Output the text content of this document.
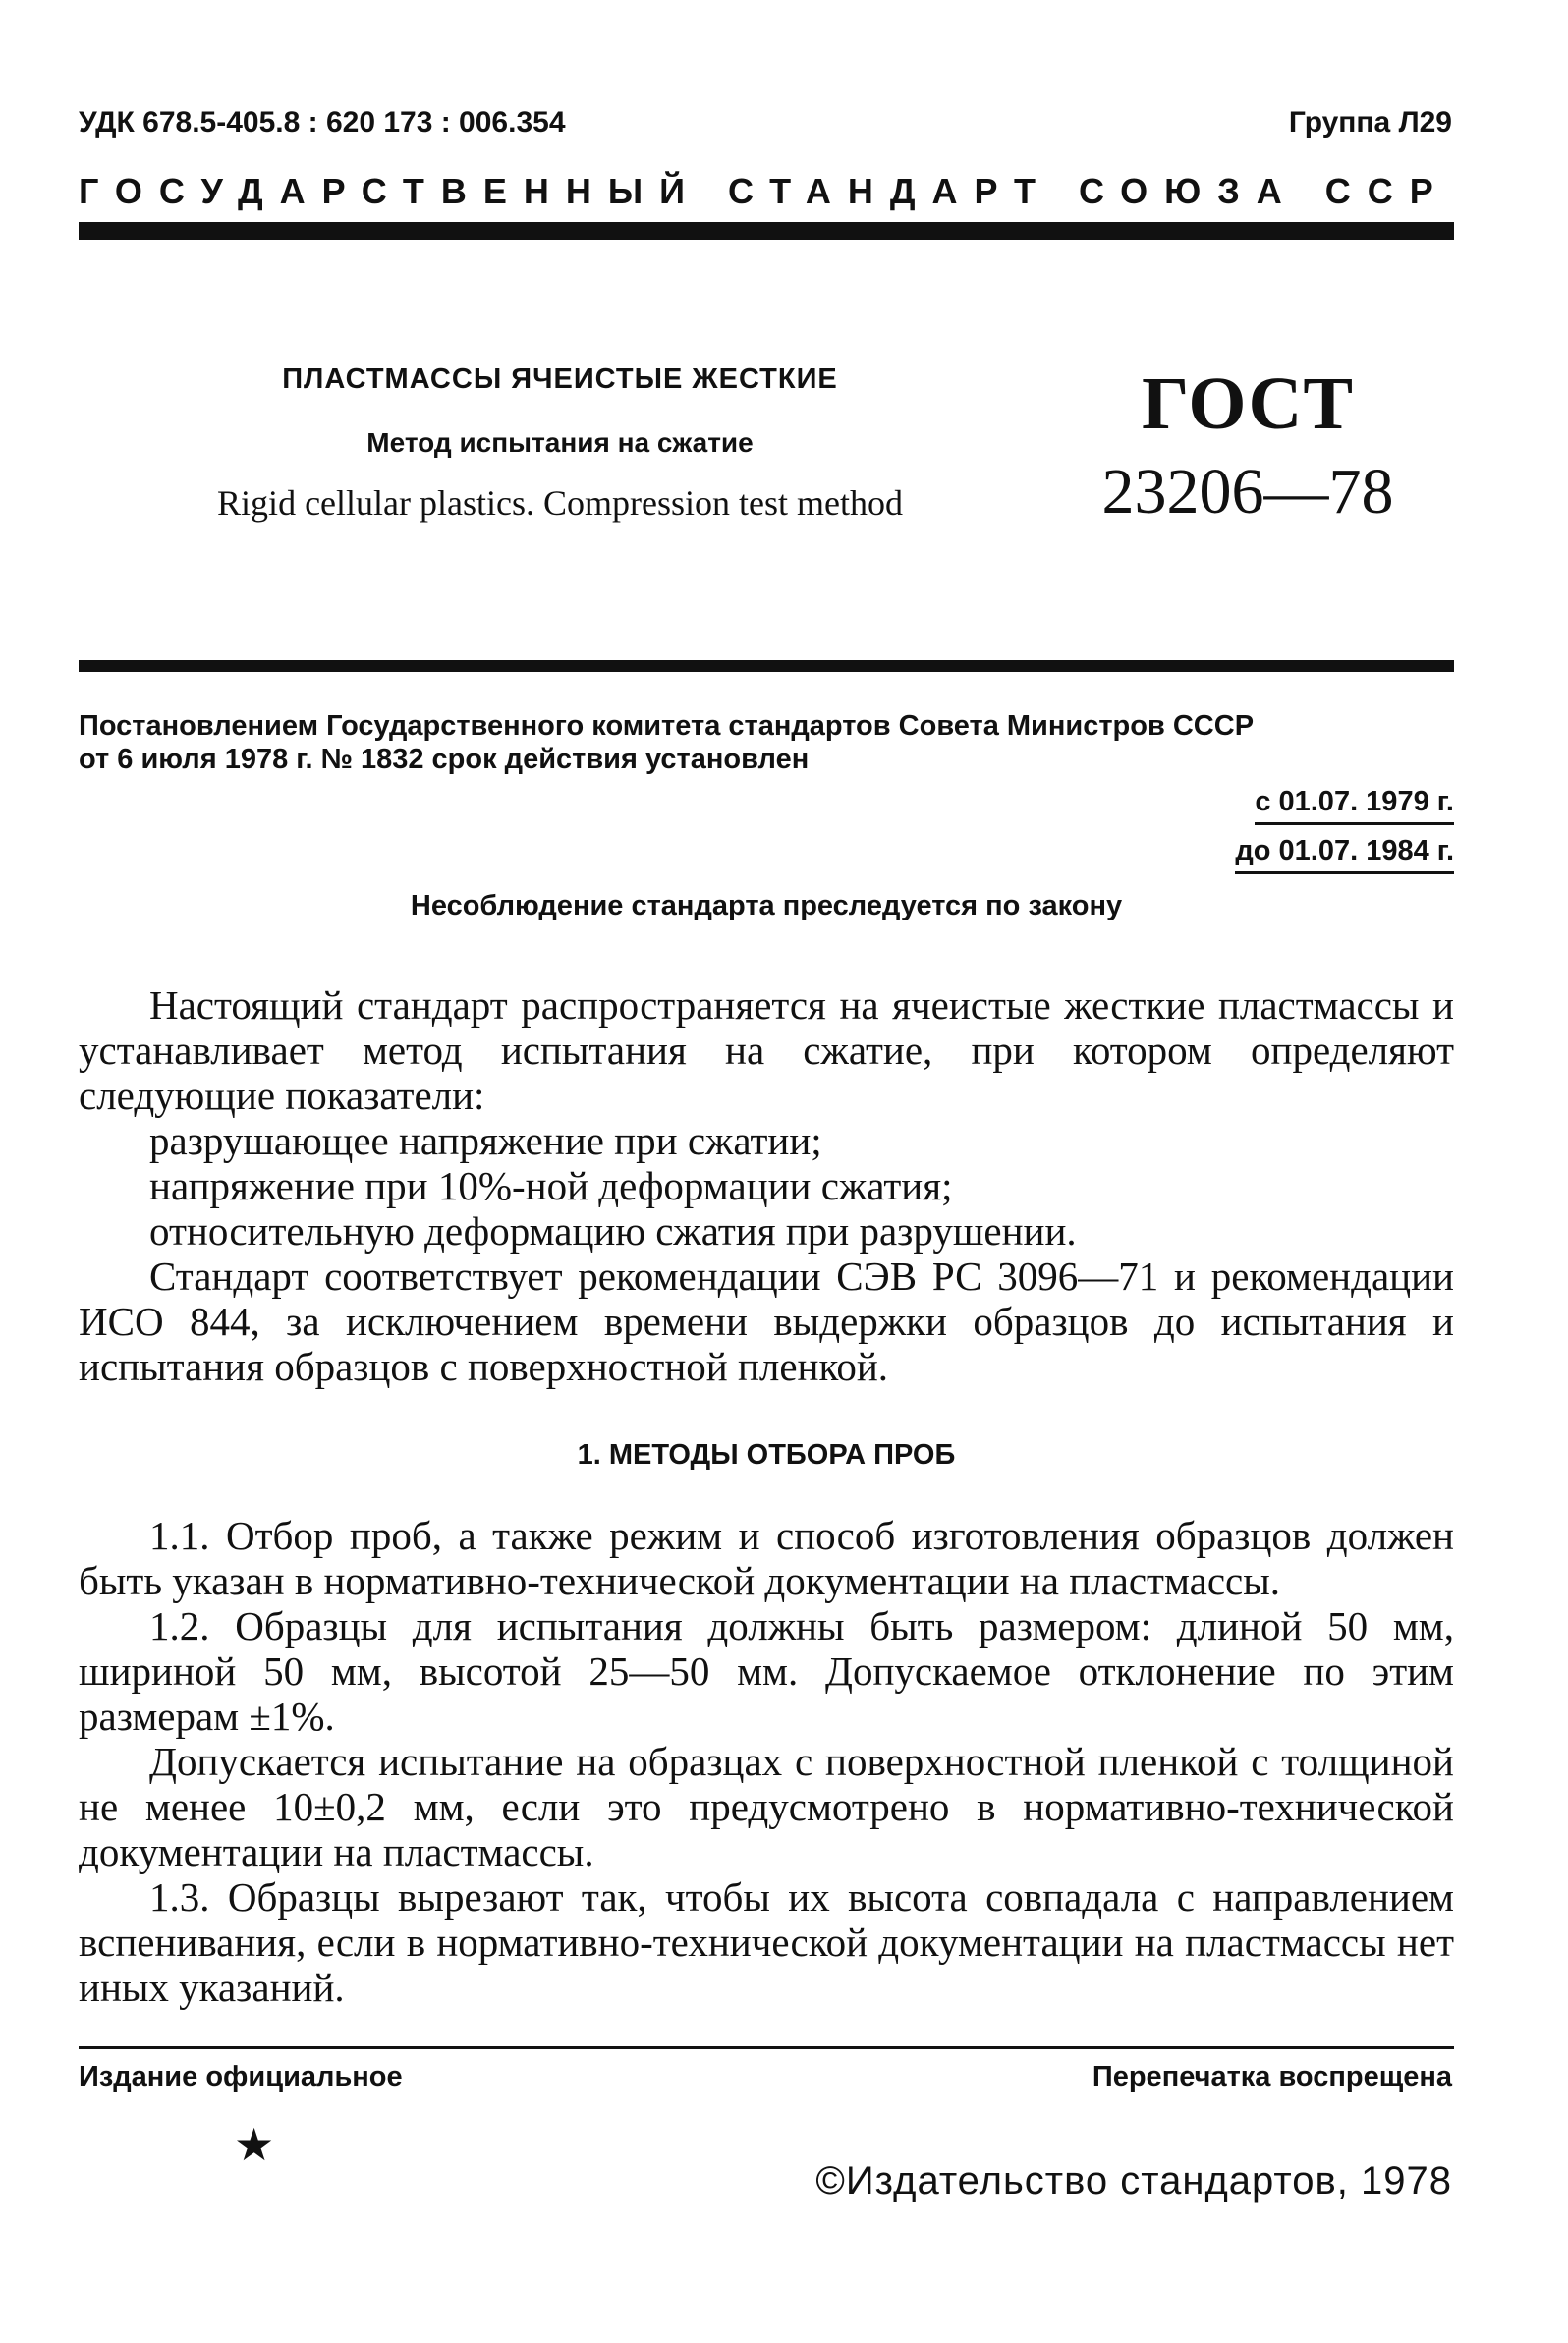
УДК 678.5-405.8 : 620 173 : 006.354	Группа Л29
ГОСУДАРСТВЕННЫЙ СТАНДАРТ СОЮЗА ССР
ПЛАСТМАССЫ ЯЧЕИСТЫЕ ЖЕСТКИЕ
Метод испытания на сжатие
Rigid cellular plastics. Compression test method
ГОСТ
23206—78
Постановлением Государственного комитета стандартов Совета Министров СССР
от 6 июля 1978 г. № 1832 срок действия установлен
с 01.07. 1979 г.
до 01.07. 1984 г.
Несоблюдение стандарта преследуется по закону

Настоящий стандарт распространяется на ячеистые жесткие пластмассы и устанавливает метод испытания на сжатие, при котором определяют следующие показатели:

разрушающее напряжение при сжатии;

напряжение при 10%-ной деформации сжатия;

относительную деформацию сжатия при разрушении.

Стандарт соответствует рекомендации СЭВ РС 3096—71 и рекомендации ИСО 844, за исключением времени выдержки образцов до испытания и испытания образцов с поверхностной пленкой.

1. МЕТОДЫ ОТБОРА ПРОБ

1.1. Отбор проб, а также режим и способ изготовления образцов должен быть указан в нормативно-технической документации на пластмассы.

1.2. Образцы для испытания должны быть размером: длиной 50 мм, шириной 50 мм, высотой 25—50 мм. Допускаемое отклонение по этим размерам ±1%.

Допускается испытание на образцах с поверхностной пленкой с толщиной не менее 10±0,2 мм, если это предусмотрено в нормативно-технической документации на пластмассы.

1.3. Образцы вырезают так, чтобы их высота совпадала с направлением вспенивания, если в нормативно-технической документации на пластмассы нет иных указаний.

Издание официальное	Перепечатка воспрещена
★
©Издательство стандартов, 1978
